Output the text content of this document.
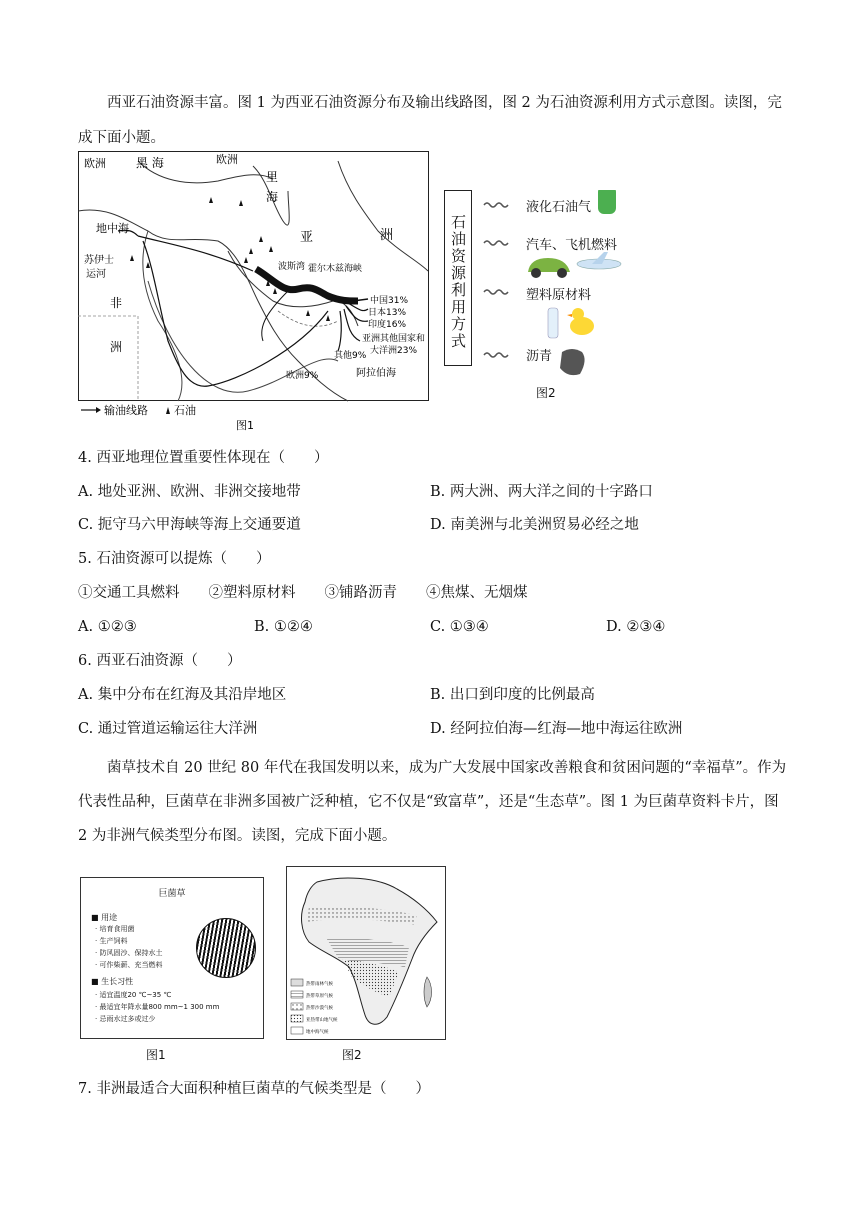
西亚石油资源丰富。图 1 为西亚石油资源分布及输出线路图，图 2 为石油资源利用方式示意图。读图，完成下面小题。
欧洲	黑 海	欧洲
里
海
亚	洲
地中海
苏伊士
运河
非
洲
波斯湾 霍尔木兹海峡
中国31%
日本13%
印度16%
亚洲其他国家和
大洋洲23%
其他9%
欧洲9%	阿拉伯海
输油线路 石油
图1
石油资源利用方式
液化石油气
汽车、飞机燃料
塑料原材料
沥青
图2
4. 西亚地理位置重要性体现在（　　）
A. 地处亚洲、欧洲、非洲交接地带	B. 两大洲、两大洋之间的十字路口
C. 扼守马六甲海峡等海上交通要道	D. 南美洲与北美洲贸易必经之地
5. 石油资源可以提炼（　　）
①交通工具燃料　　②塑料原材料　　③铺路沥青　　④焦煤、无烟煤
A. ①②③	B. ①②④	C. ①③④	D. ②③④
6. 西亚石油资源（　　）
A. 集中分布在红海及其沿岸地区	B. 出口到印度的比例最高
C. 通过管道运输运往大洋洲	D. 经阿拉伯海—红海—地中海运往欧洲
菌草技术自 20 世纪 80 年代在我国发明以来，成为广大发展中国家改善粮食和贫困问题的“幸福草”。作为代表性品种，巨菌草在非洲多国被广泛种植，它不仅是“致富草”，还是“生态草”。图 1 为巨菌草资料卡片，图 2 为非洲气候类型分布图。读图，完成下面小题。
巨菌草
■ 用途
· 培育食用菌
· 生产饲料
· 防风固沙、保持水土
· 可作柴薪、充当燃料
■ 生长习性
· 适宜温度20 ℃~35 ℃
· 最适宜年降水量800 mm~1 300 mm
· 忌雨水过多或过少
图1
热带雨林气候
热带草原气候
热带沙漠气候
亚热带山地气候
地中海气候
图2
7. 非洲最适合大面积种植巨菌草的气候类型是（　　）
